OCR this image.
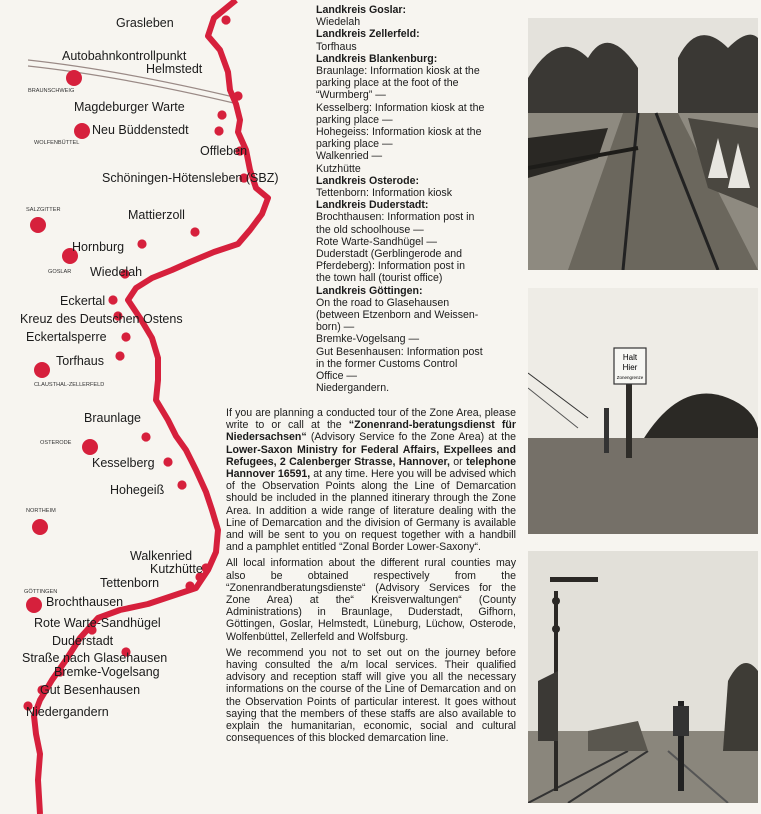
Grasleben
Autobahnkontrollpunkt
Helmstedt
Magdeburger Warte
Neu Büddenstedt
Offleben
Schöningen-Hötensleben (SBZ)
Mattierzoll
Hornburg
Wiedelah
Eckertal
Kreuz des Deutschen Ostens
Eckertalsperre
Torfhaus
Braunlage
Kesselberg
Hohegeiß
Walkenried
Kutzhütte
Tettenborn
Brochthausen
Rote Warte-Sandhügel
Duderstadt
Straße nach Glasehausen
Bremke-Vogelsang
Gut Besenhausen
Niedergandern
BRAUNSCHWEIG
WOLFENBÜTTEL
SALZGITTER
GOSLAR
CLAUSTHAL-ZELLERFELD
OSTERODE
NORTHEIM
GÖTTINGEN
Landkreis Goslar:
Wiedelah
Landkreis Zellerfeld:
Torfhaus
Landkreis Blankenburg:
Braunlage: Information kiosk at the
parking place at the foot of the
“Wurmberg” —
Kesselberg: Information kiosk at the
parking place —
Hohegeiss: Information kiosk at the
parking place —
Walkenried —
Kutzhütte
Landkreis Osterode:
Tettenborn: Information kiosk
Landkreis Duderstadt:
Brochthausen: Information post in
the old schoolhouse —
Rote Warte-Sandhügel —
Duderstadt (Gerblingerode and
Pferdeberg): Information post in
the town hall (tourist office)
Landkreis Göttingen:
On the road to Glasehausen
(between Etzenborn and Weissen-
born) —
Bremke-Vogelsang —
Gut Besenhausen: Information post
in the former Customs Control
Office —
Niedergandern.

If you are planning a conducted tour of the Zone Area, please write to or call at the “Zonenrand-beratungsdienst für Niedersachsen“ (Advisory Service fo the Zone Area) at the Lower-Saxon Ministry for Federal Affairs, Expellees and Refugees, 2 Calenberger Strasse, Hannover, or telephone Hannover 16591, at any time. Here you will be advised which of the Observation Points along the Line of Demarcation should be included in the planned itinerary through the Zone Area. In addition a wide range of literature dealing with the Line of Demarcation and the division of Germany is available and will be sent to you on request together with a handbill and a pamphlet entitled “Zonal Border Lower-Saxony“.

All local information about the different rural counties may also be obtained respectively from the “Zonenrandberatungsdienste“ (Advisory Services for the Zone Area) at the“ Kreisverwaltungen“ (County Administrations) in Braunlage, Duderstadt, Gifhorn, Göttingen, Goslar, Helmstedt, Lüneburg, Lüchow, Osterode, Wolfenbüttel, Zellerfeld and Wolfsburg.

We recommend you not to set out on the journey before having consulted the a/m local services. Their qualified advisory and reception staff will give you all the necessary informations on the course of the Line of Demarcation and on the Observation Points of particular interest. It goes without saying that the members of these staffs are also available to explain the humanitarian, economic, social and cultural consequences of this blocked demarcation line.

Halt
Hier
Zonengrenze
